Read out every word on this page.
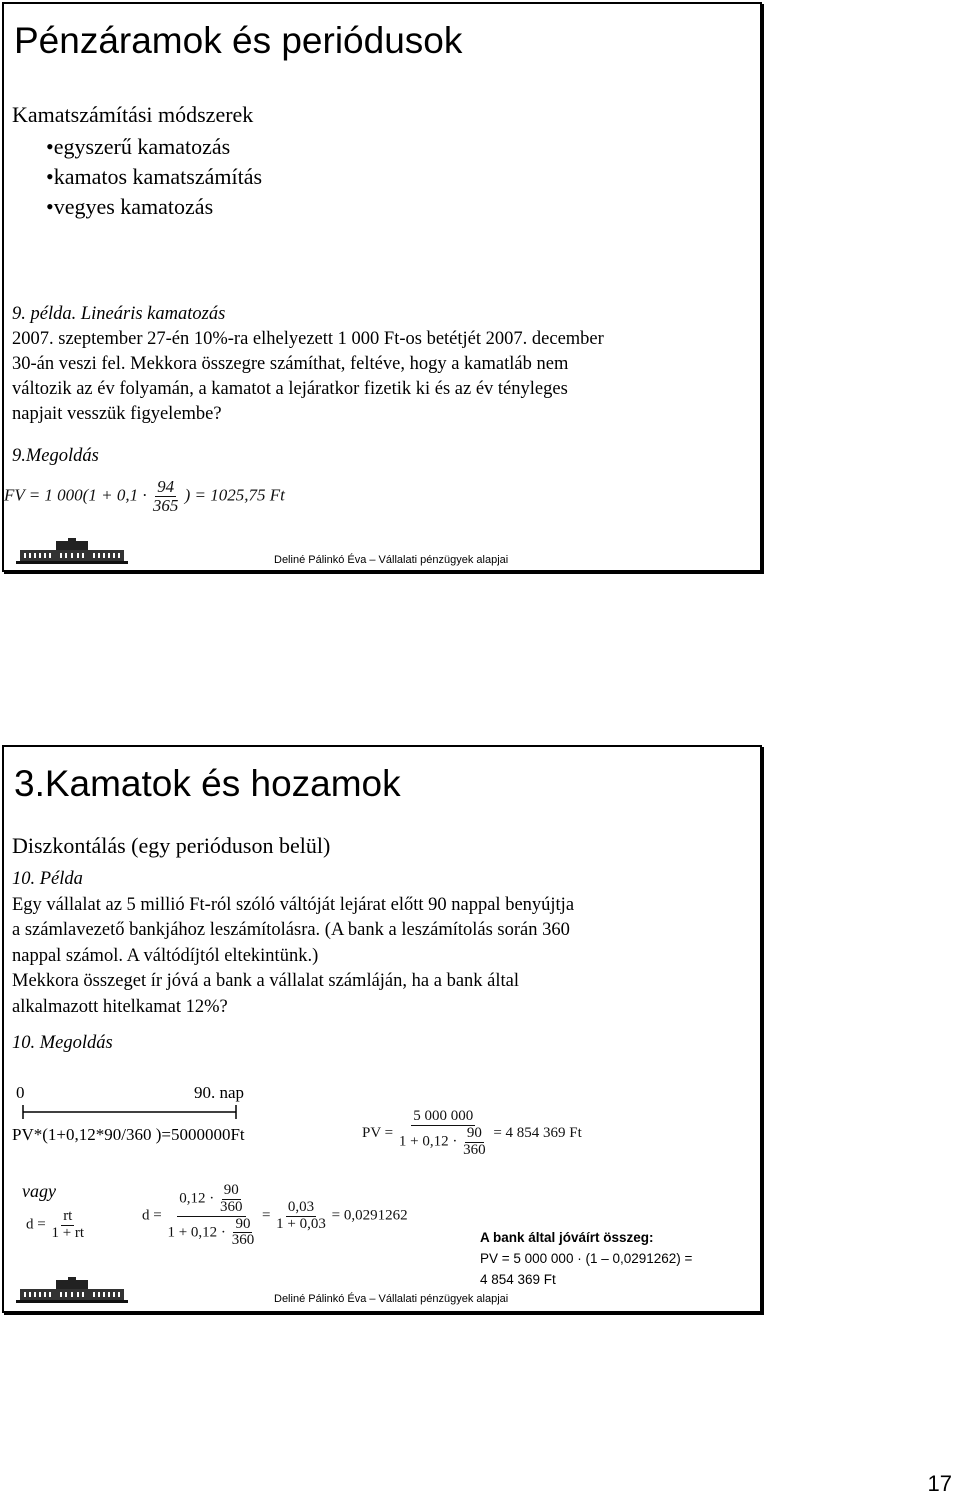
Pénzáramok és periódusok

Kamatszámítási módszerek

•egyszerű kamatozás
•kamatos kamatszámítás
•vegyes kamatozás
9. példa. Lineáris kamatozás
2007. szeptember 27-én 10%-ra elhelyezett 1 000 Ft-os betétjét 2007. december
30-án veszi fel. Mekkora összegre számíthat, feltéve, hogy a kamatláb nem
változik az év folyamán, a kamatot a lejáratkor fizetik ki és az év tényleges
napjait vesszük figyelembe?

9.Megoldás

FV = 1 $000(1 + 0,1 \cdot \frac{94}{365}$ ) = 1025,75 Ft
Deliné Pálinkó Éva – Vállalati pénzügyek alapjai
3.Kamatok és hozamok

Diszkontálás (egy perióduson belül)

10. Példa
Egy vállalat az 5 millió Ft-ról szóló váltóját lejárat előtt 90 nappal benyújtja
a számlavezető bankjához leszámítolásra. (A bank a leszámítolás során 360
nappal számol. A váltódíjtól eltekintünk.)
Mekkora összeget ír jóvá a bank a vállalat számláján, ha a bank által
alkalmazott hitelkamat 12%?

10. Megoldás

0	90. nap

PV*(1+0,12*90/360 )=5000000Ft	PV = $\frac{5 000 000}{1 + 0,12 \cdot \frac{90}{360}} = 4$ 854 369 Ft

vagy

$d = \frac{rt}{1 + rt}$	$d = \frac{0,12 \cdot \frac{90}{360}}{1 + 0,12 \cdot \frac{90}{360}} = \frac{0,03}{1 + 0,03} = 0,0291262$
A bank által jóváírt összeg:
PV = 5 000 000 · (1 – 0,0291262) =
4 854 369 Ft
Deliné Pálinkó Éva – Vállalati pénzügyek alapjai
17
